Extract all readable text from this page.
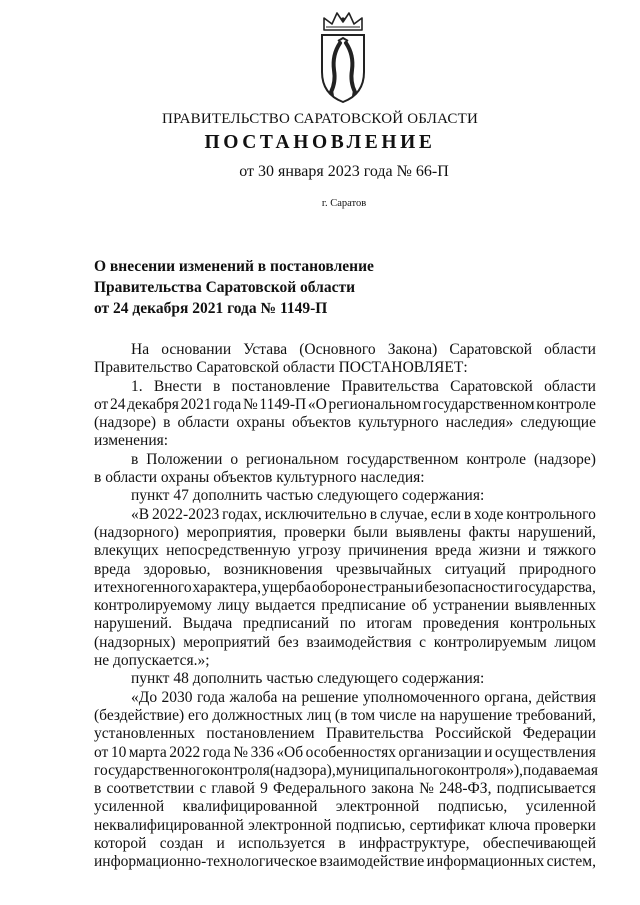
ПРАВИТЕЛЬСТВО САРАТОВСКОЙ ОБЛАСТИ
ПОСТАНОВЛЕНИЕ
от 30 января 2023 года № 66-П
г. Саратов
О внесении изменений в постановление
Правительства Саратовской области
от 24 декабря 2021 года № 1149-П
На основании Устава (Основного Закона) Саратовской области
Правительство Саратовской области ПОСТАНОВЛЯЕТ:
1. Внести в постановление Правительства Саратовской области
от 24 декабря 2021 года № 1149-П «О региональном государственном контроле
(надзоре) в области охраны объектов культурного наследия» следующие
изменения:
в Положении о региональном государственном контроле (надзоре)
в области охраны объектов культурного наследия:
пункт 47 дополнить частью следующего содержания:
«В 2022-2023 годах, исключительно в случае, если в ходе контрольного
(надзорного) мероприятия, проверки были выявлены факты нарушений,
влекущих непосредственную угрозу причинения вреда жизни и тяжкого
вреда здоровью, возникновения чрезвычайных ситуаций природного
и техногенного характера, ущерба обороне страны и безопасности государства,
контролируемому лицу выдается предписание об устранении выявленных
нарушений. Выдача предписаний по итогам проведения контрольных
(надзорных) мероприятий без взаимодействия с контролируемым лицом
не допускается.»;
пункт 48 дополнить частью следующего содержания:
«До 2030 года жалоба на решение уполномоченного органа, действия
(бездействие) его должностных лиц (в том числе на нарушение требований,
установленных постановлением Правительства Российской Федерации
от 10 марта 2022 года № 336 «Об особенностях организации и осуществления
государственного контроля (надзора), муниципального контроля»), подаваемая
в соответствии с главой 9 Федерального закона № 248-ФЗ, подписывается
усиленной квалифицированной электронной подписью, усиленной
неквалифицированной электронной подписью, сертификат ключа проверки
которой создан и используется в инфраструктуре, обеспечивающей
информационно-технологическое взаимодействие информационных систем,
